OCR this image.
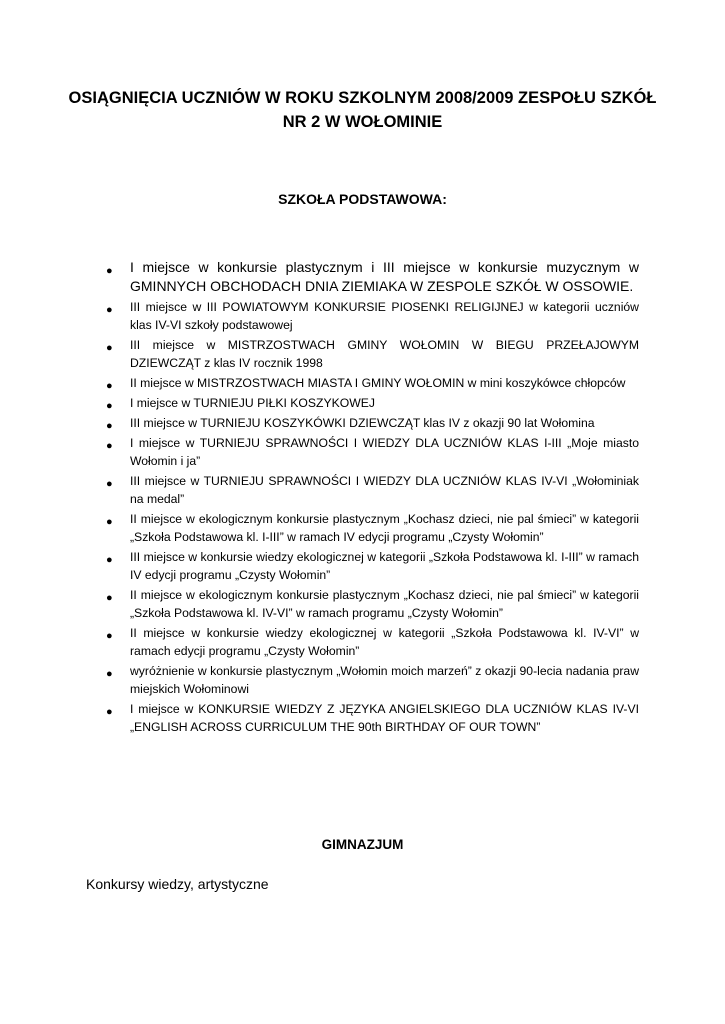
OSIĄGNIĘCIA UCZNIÓW W ROKU SZKOLNYM 2008/2009 ZESPOŁU SZKÓŁ NR 2 W WOŁOMINIE
SZKOŁA PODSTAWOWA:
● I miejsce w konkursie plastycznym i III miejsce w konkursie muzycznym w GMINNYCH OBCHODACH DNIA ZIEMIAKA W ZESPOLE SZKÓŁ W OSSOWIE.
● III miejsce w III POWIATOWYM KONKURSIE PIOSENKI RELIGIJNEJ w kategorii uczniów klas IV-VI szkoły podstawowej
● III miejsce w MISTRZOSTWACH GMINY WOŁOMIN W BIEGU PRZEŁAJOWYM DZIEWCZĄT z klas IV rocznik 1998
● II miejsce w MISTRZOSTWACH MIASTA I GMINY WOŁOMIN w mini koszykówce chłopców
● I miejsce w TURNIEJU PIŁKI KOSZYKOWEJ
● III miejsce w TURNIEJU KOSZYKÓWKI DZIEWCZĄT klas IV z okazji 90 lat Wołomina
● I miejsce w TURNIEJU SPRAWNOŚCI I WIEDZY DLA UCZNIÓW KLAS I-III „Moje miasto Wołomin i ja”
● III miejsce w TURNIEJU SPRAWNOŚCI I WIEDZY DLA UCZNIÓW KLAS IV-VI „Wołominiak na medal”
● II miejsce w ekologicznym konkursie plastycznym „Kochasz dzieci, nie pal śmieci” w kategorii „Szkoła Podstawowa kl. I-III” w ramach IV edycji programu „Czysty Wołomin”
● III miejsce w konkursie wiedzy ekologicznej w kategorii „Szkoła Podstawowa kl. I-III” w ramach IV edycji programu „Czysty Wołomin”
● II miejsce w ekologicznym konkursie plastycznym „Kochasz dzieci, nie pal śmieci” w kategorii „Szkoła Podstawowa kl. IV-VI” w ramach programu „Czysty Wołomin”
● II miejsce w konkursie wiedzy ekologicznej w kategorii „Szkoła Podstawowa kl. IV-VI” w ramach edycji programu „Czysty Wołomin”
● wyróżnienie w konkursie plastycznym „Wołomin moich marzeń” z okazji 90-lecia nadania praw miejskich Wołominowi
● I miejsce w KONKURSIE WIEDZY Z JĘZYKA ANGIELSKIEGO DLA UCZNIÓW KLAS IV-VI „ENGLISH ACROSS CURRICULUM THE 90th BIRTHDAY OF OUR TOWN”
GIMNAZJUM

Konkursy wiedzy, artystyczne
